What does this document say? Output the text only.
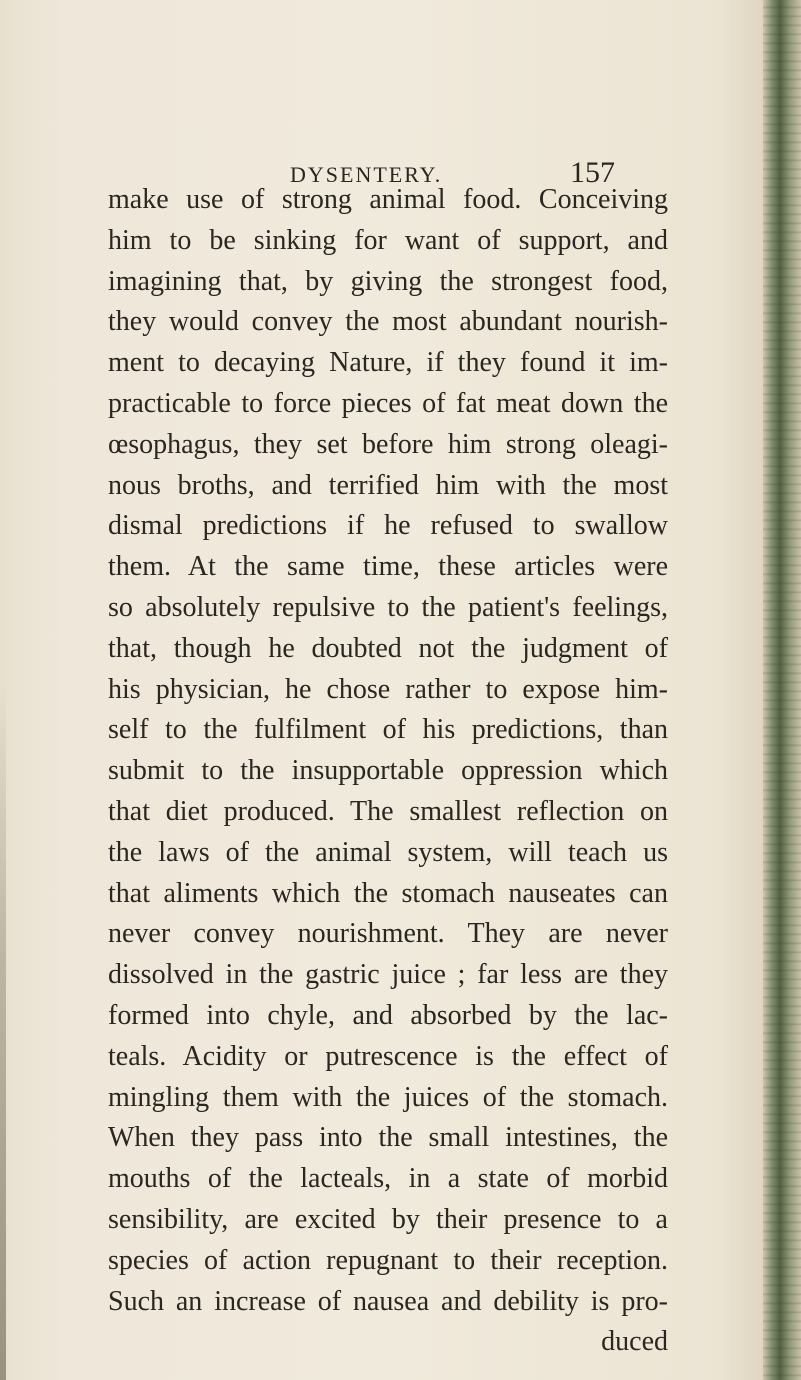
DYSENTERY.	157
make use of strong animal food. Conceiving
him to be sinking for want of support, and
imagining that, by giving the strongest food,
they would convey the most abundant nourish-
ment to decaying Nature, if they found it im-
practicable to force pieces of fat meat down the
œsophagus, they set before him strong oleagi-
nous broths, and terrified him with the most
dismal predictions if he refused to swallow
them. At the same time, these articles were
so absolutely repulsive to the patient's feelings,
that, though he doubted not the judgment of
his physician, he chose rather to expose him-
self to the fulfilment of his predictions, than
submit to the insupportable oppression which
that diet produced. The smallest reflection on
the laws of the animal system, will teach us
that aliments which the stomach nauseates can
never convey nourishment. They are never
dissolved in the gastric juice ; far less are they
formed into chyle, and absorbed by the lac-
teals. Acidity or putrescence is the effect of
mingling them with the juices of the stomach.
When they pass into the small intestines, the
mouths of the lacteals, in a state of morbid
sensibility, are excited by their presence to a
species of action repugnant to their reception.
Such an increase of nausea and debility is pro-
duced
